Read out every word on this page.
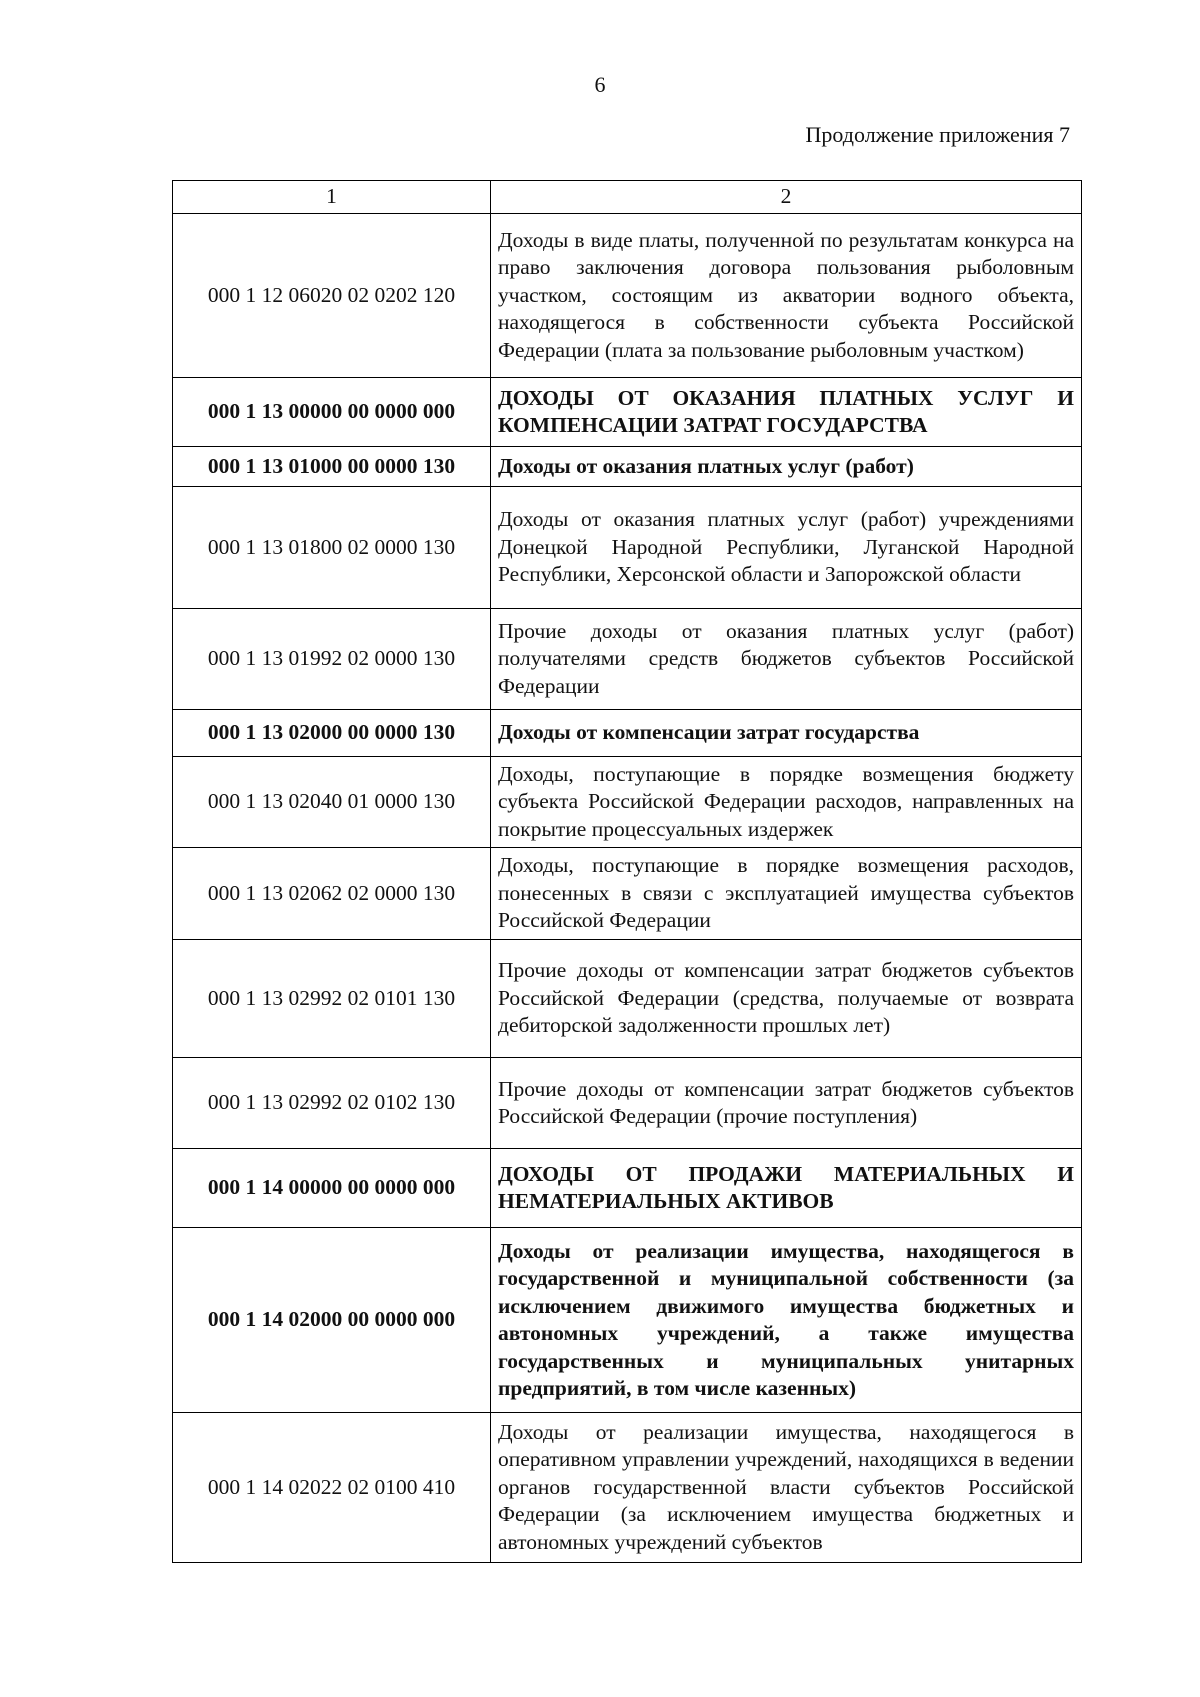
6
Продолжение приложения 7
1	2
000 1 12 06020 02 0202 120	Доходы в виде платы, полученной по результатам конкурса на право заключения договора пользования рыболовным участком, состоящим из акватории водного объекта, находящегося в собственности субъекта Российской Федерации (плата за пользование рыболовным участком)
000 1 13 00000 00 0000 000	ДОХОДЫ ОТ ОКАЗАНИЯ ПЛАТНЫХ УСЛУГ И КОМПЕНСАЦИИ ЗАТРАТ ГОСУДАРСТВА
000 1 13 01000 00 0000 130	Доходы от оказания платных услуг (работ)
000 1 13 01800 02 0000 130	Доходы от оказания платных услуг (работ) учреждениями Донецкой Народной Республики, Луганской Народной Республики, Херсонской области и Запорожской области
000 1 13 01992 02 0000 130	Прочие доходы от оказания платных услуг (работ) получателями средств бюджетов субъектов Российской Федерации
000 1 13 02000 00 0000 130	Доходы от компенсации затрат государства
000 1 13 02040 01 0000 130	Доходы, поступающие в порядке возмещения бюджету субъекта Российской Федерации расходов, направленных на покрытие процессуальных издержек
000 1 13 02062 02 0000 130	Доходы, поступающие в порядке возмещения расходов, понесенных в связи с эксплуатацией имущества субъектов Российской Федерации
000 1 13 02992 02 0101 130	Прочие доходы от компенсации затрат бюджетов субъектов Российской Федерации (средства, получаемые от возврата дебиторской задолженности прошлых лет)
000 1 13 02992 02 0102 130	Прочие доходы от компенсации затрат бюджетов субъектов Российской Федерации (прочие поступления)
000 1 14 00000 00 0000 000	ДОХОДЫ ОТ ПРОДАЖИ МАТЕРИАЛЬНЫХ И НЕМАТЕРИАЛЬНЫХ АКТИВОВ
000 1 14 02000 00 0000 000	Доходы от реализации имущества, находящегося в государственной и муниципальной собственности (за исключением движимого имущества бюджетных и автономных учреждений, а также имущества государственных и муниципальных унитарных предприятий, в том числе казенных)
000 1 14 02022 02 0100 410	Доходы от реализации имущества, находящегося в оперативном управлении учреждений, находящихся в ведении органов государственной власти субъектов Российской Федерации (за исключением имущества бюджетных и автономных учреждений субъектов
